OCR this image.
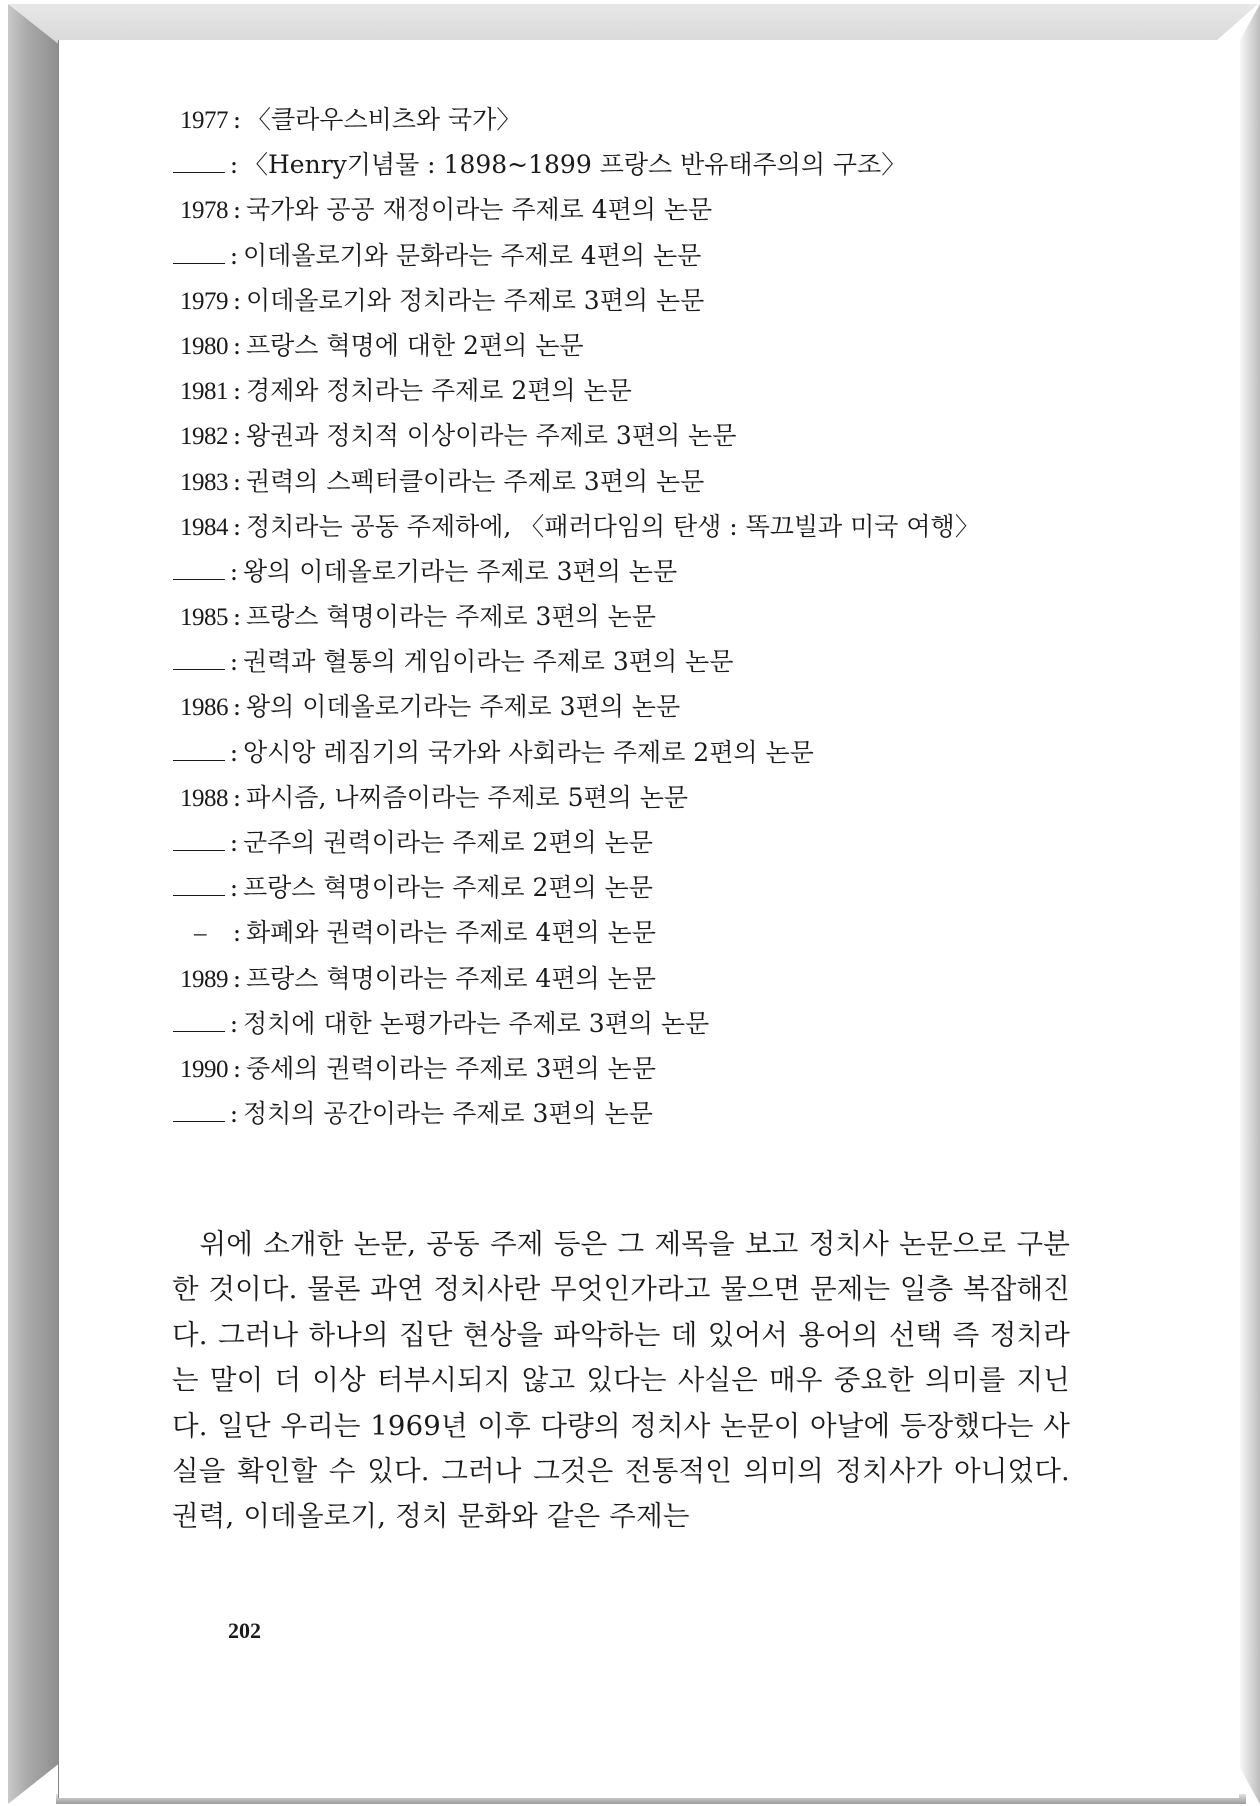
1977 : 〈클라우스비츠와 국가〉
: 〈Henry기념물 : 1898~1899 프랑스 반유태주의의 구조〉
1978 : 국가와 공공 재정이라는 주제로 4편의 논문
: 이데올로기와 문화라는 주제로 4편의 논문
1979 : 이데올로기와 정치라는 주제로 3편의 논문
1980 : 프랑스 혁명에 대한 2편의 논문
1981 : 경제와 정치라는 주제로 2편의 논문
1982 : 왕권과 정치적 이상이라는 주제로 3편의 논문
1983 : 권력의 스펙터클이라는 주제로 3편의 논문
1984 : 정치라는 공동 주제하에, 〈패러다임의 탄생 : 똑끄빌과 미국 여행〉
: 왕의 이데올로기라는 주제로 3편의 논문
1985 : 프랑스 혁명이라는 주제로 3편의 논문
: 권력과 혈통의 게임이라는 주제로 3편의 논문
1986 : 왕의 이데올로기라는 주제로 3편의 논문
: 앙시앙 레짐기의 국가와 사회라는 주제로 2편의 논문
1988 : 파시즘, 나찌즘이라는 주제로 5편의 논문
: 군주의 권력이라는 주제로 2편의 논문
: 프랑스 혁명이라는 주제로 2편의 논문
–	: 화폐와 권력이라는 주제로 4편의 논문
1989 : 프랑스 혁명이라는 주제로 4편의 논문
: 정치에 대한 논평가라는 주제로 3편의 논문
1990 : 중세의 권력이라는 주제로 3편의 논문
: 정치의 공간이라는 주제로 3편의 논문

위에 소개한 논문, 공동 주제 등은 그 제목을 보고 정치사 논문으로 구분한 것이다. 물론 과연 정치사란 무엇인가라고 물으면 문제는 일층 복잡해진다. 그러나 하나의 집단 현상을 파악하는 데 있어서 용어의 선택 즉 정치라는 말이 더 이상 터부시되지 않고 있다는 사실은 매우 중요한 의미를 지닌다. 일단 우리는 1969년 이후 다량의 정치사 논문이 아날에 등장했다는 사실을 확인할 수 있다. 그러나 그것은 전통적인 의미의 정치사가 아니었다. 권력, 이데올로기, 정치 문화와 같은 주제는

202
